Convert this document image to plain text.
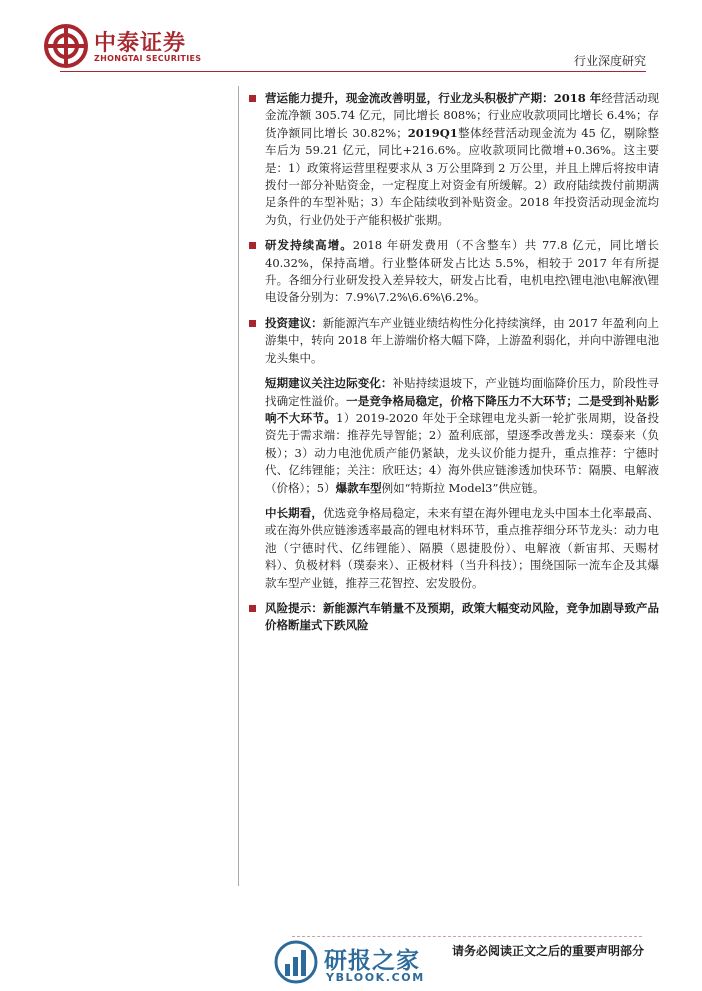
中泰证券
ZHONGTAI SECURITIES	行业深度研究
营运能力提升，现金流改善明显，行业龙头积极扩产期：2018 年经营活动现金流净额 305.74 亿元，同比增长 808%；行业应收款项同比增长 6.4%；存货净额同比增长 30.82%；2019Q1整体经营活动现金流为 45 亿，剔除整车后为 59.21 亿元，同比+216.6%。应收款项同比微增+0.36%。这主要是：1）政策将运营里程要求从 3 万公里降到 2 万公里，并且上牌后将按申请拨付一部分补贴资金，一定程度上对资金有所缓解。2）政府陆续拨付前期满足条件的车型补贴；3）车企陆续收到补贴资金。2018 年投资活动现金流均为负，行业仍处于产能积极扩张期。
研发持续高增。2018 年研发费用（不含整车）共 77.8 亿元，同比增长 40.32%，保持高增。行业整体研发占比达 5.5%，相较于 2017 年有所提升。各细分行业研发投入差异较大，研发占比看，电机电控\锂电池\电解液\锂电设备分别为：7.9%\7.2%\6.6%\6.2%。
投资建议：新能源汽车产业链业绩结构性分化持续演绎，由 2017 年盈利向上游集中，转向 2018 年上游端价格大幅下降，上游盈利弱化，并向中游锂电池龙头集中。
短期建议关注边际变化：补贴持续退坡下，产业链均面临降价压力，阶段性寻找确定性溢价。一是竞争格局稳定，价格下降压力不大环节；二是受到补贴影响不大环节。1）2019-2020 年处于全球锂电龙头新一轮扩张周期，设备投资先于需求端：推荐先导智能；2）盈利底部，望逐季改善龙头：璞泰来（负极）；3）动力电池优质产能仍紧缺，龙头议价能力提升，重点推荐：宁德时代、亿纬锂能；关注：欣旺达；4）海外供应链渗透加快环节：隔膜、电解液（价格）；5）爆款车型例如“特斯拉 Model3”供应链。
中长期看，优选竞争格局稳定，未来有望在海外锂电龙头中国本土化率最高、或在海外供应链渗透率最高的锂电材料环节，重点推荐细分环节龙头：动力电池（宁德时代、亿纬锂能）、隔膜（恩捷股份）、电解液（新宙邦、天赐材料）、负极材料（璞泰来）、正极材料（当升科技）；围绕国际一流车企及其爆款车型产业链，推荐三花智控、宏发股份。
风险提示：新能源汽车销量不及预期，政策大幅变动风险，竞争加剧导致产品价格断崖式下跌风险
研报之家
YBLOOK.COM
请务必阅读正文之后的重要声明部分
